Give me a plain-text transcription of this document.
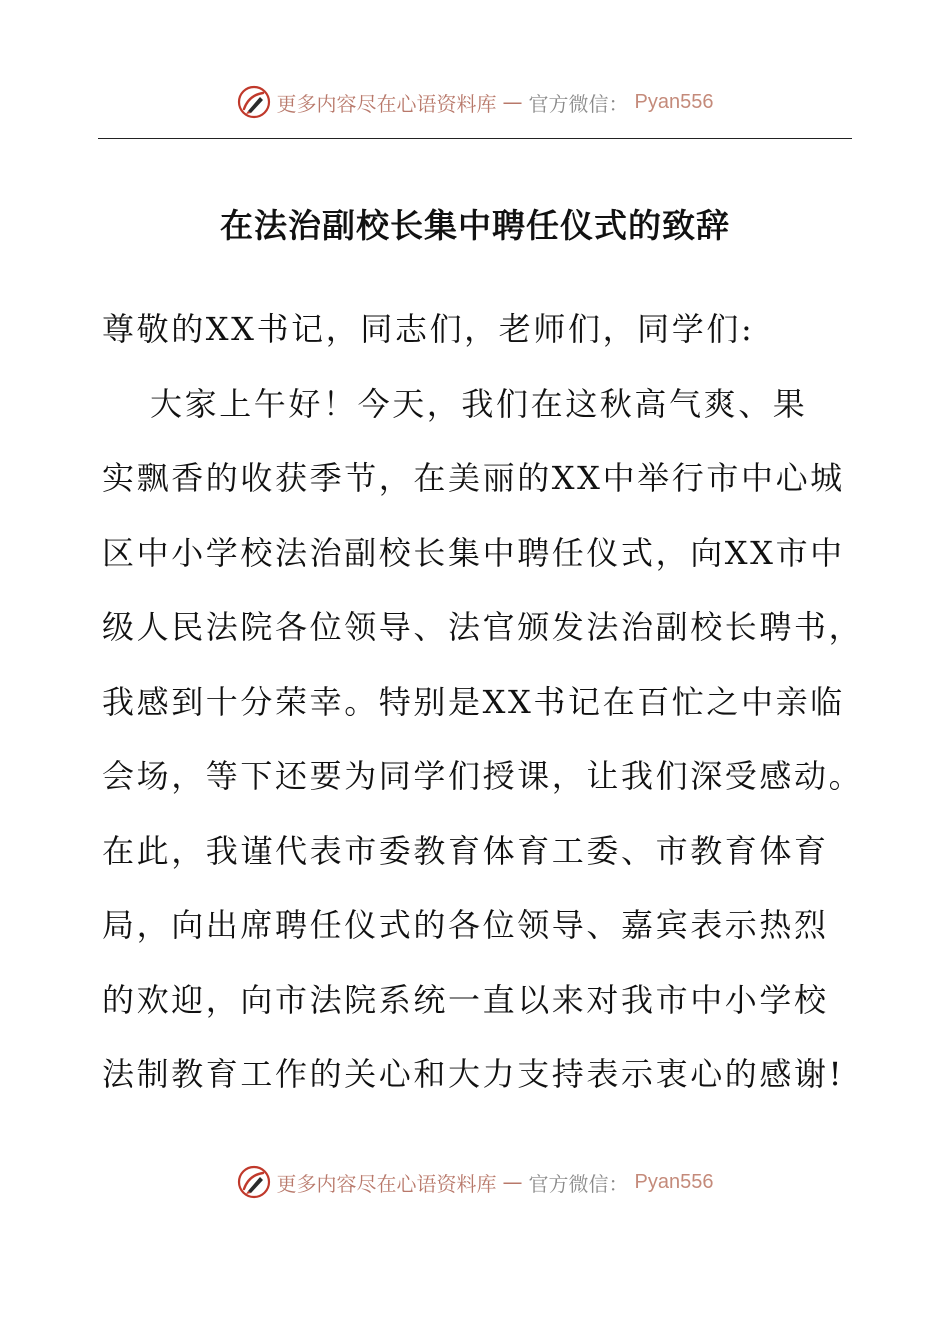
更多内容尽在心语资料库 — 官方微信： Pyan556
在法治副校长集中聘任仪式的致辞

尊敬的XX书记，同志们，老师们，同学们:

大家上午好！今天，我们在这秋高气爽、果

实飘香的收获季节，在美丽的XX中举行市中心城

区中小学校法治副校长集中聘任仪式，向XX市中

级人民法院各位领导、法官颁发法治副校长聘书，

我感到十分荣幸。特别是XX书记在百忙之中亲临

会场，等下还要为同学们授课，让我们深受感动。

在此，我谨代表市委教育体育工委、市教育体育

局，向出席聘任仪式的各位领导、嘉宾表示热烈

的欢迎，向市法院系统一直以来对我市中小学校

法制教育工作的关心和大力支持表示衷心的感谢!

更多内容尽在心语资料库 — 官方微信： Pyan556
